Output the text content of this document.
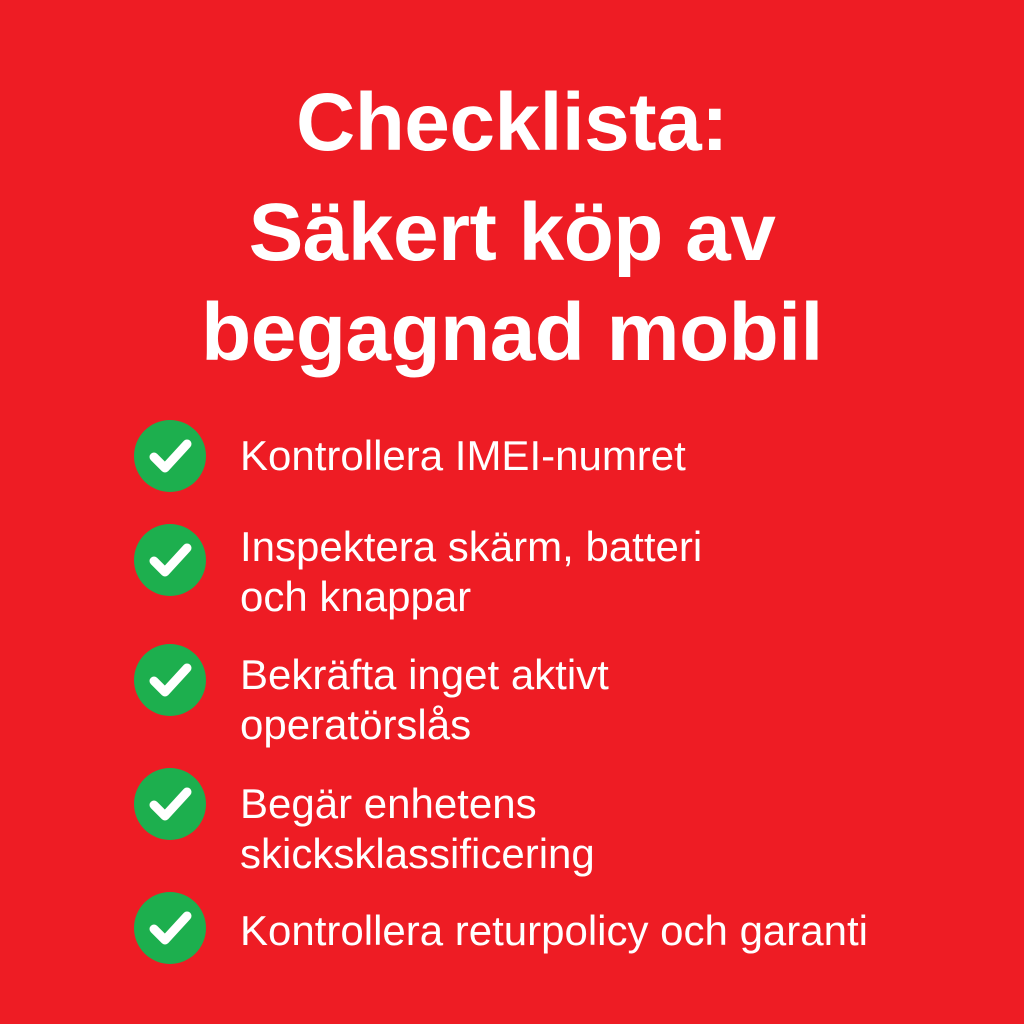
Checklista:
Säkert köp av
begagnad mobil
Kontrollera IMEI-numret
Inspektera skärm, batteri
och knappar
Bekräfta inget aktivt
operatörslås
Begär enhetens
skicksklassificering
Kontrollera returpolicy och garanti
